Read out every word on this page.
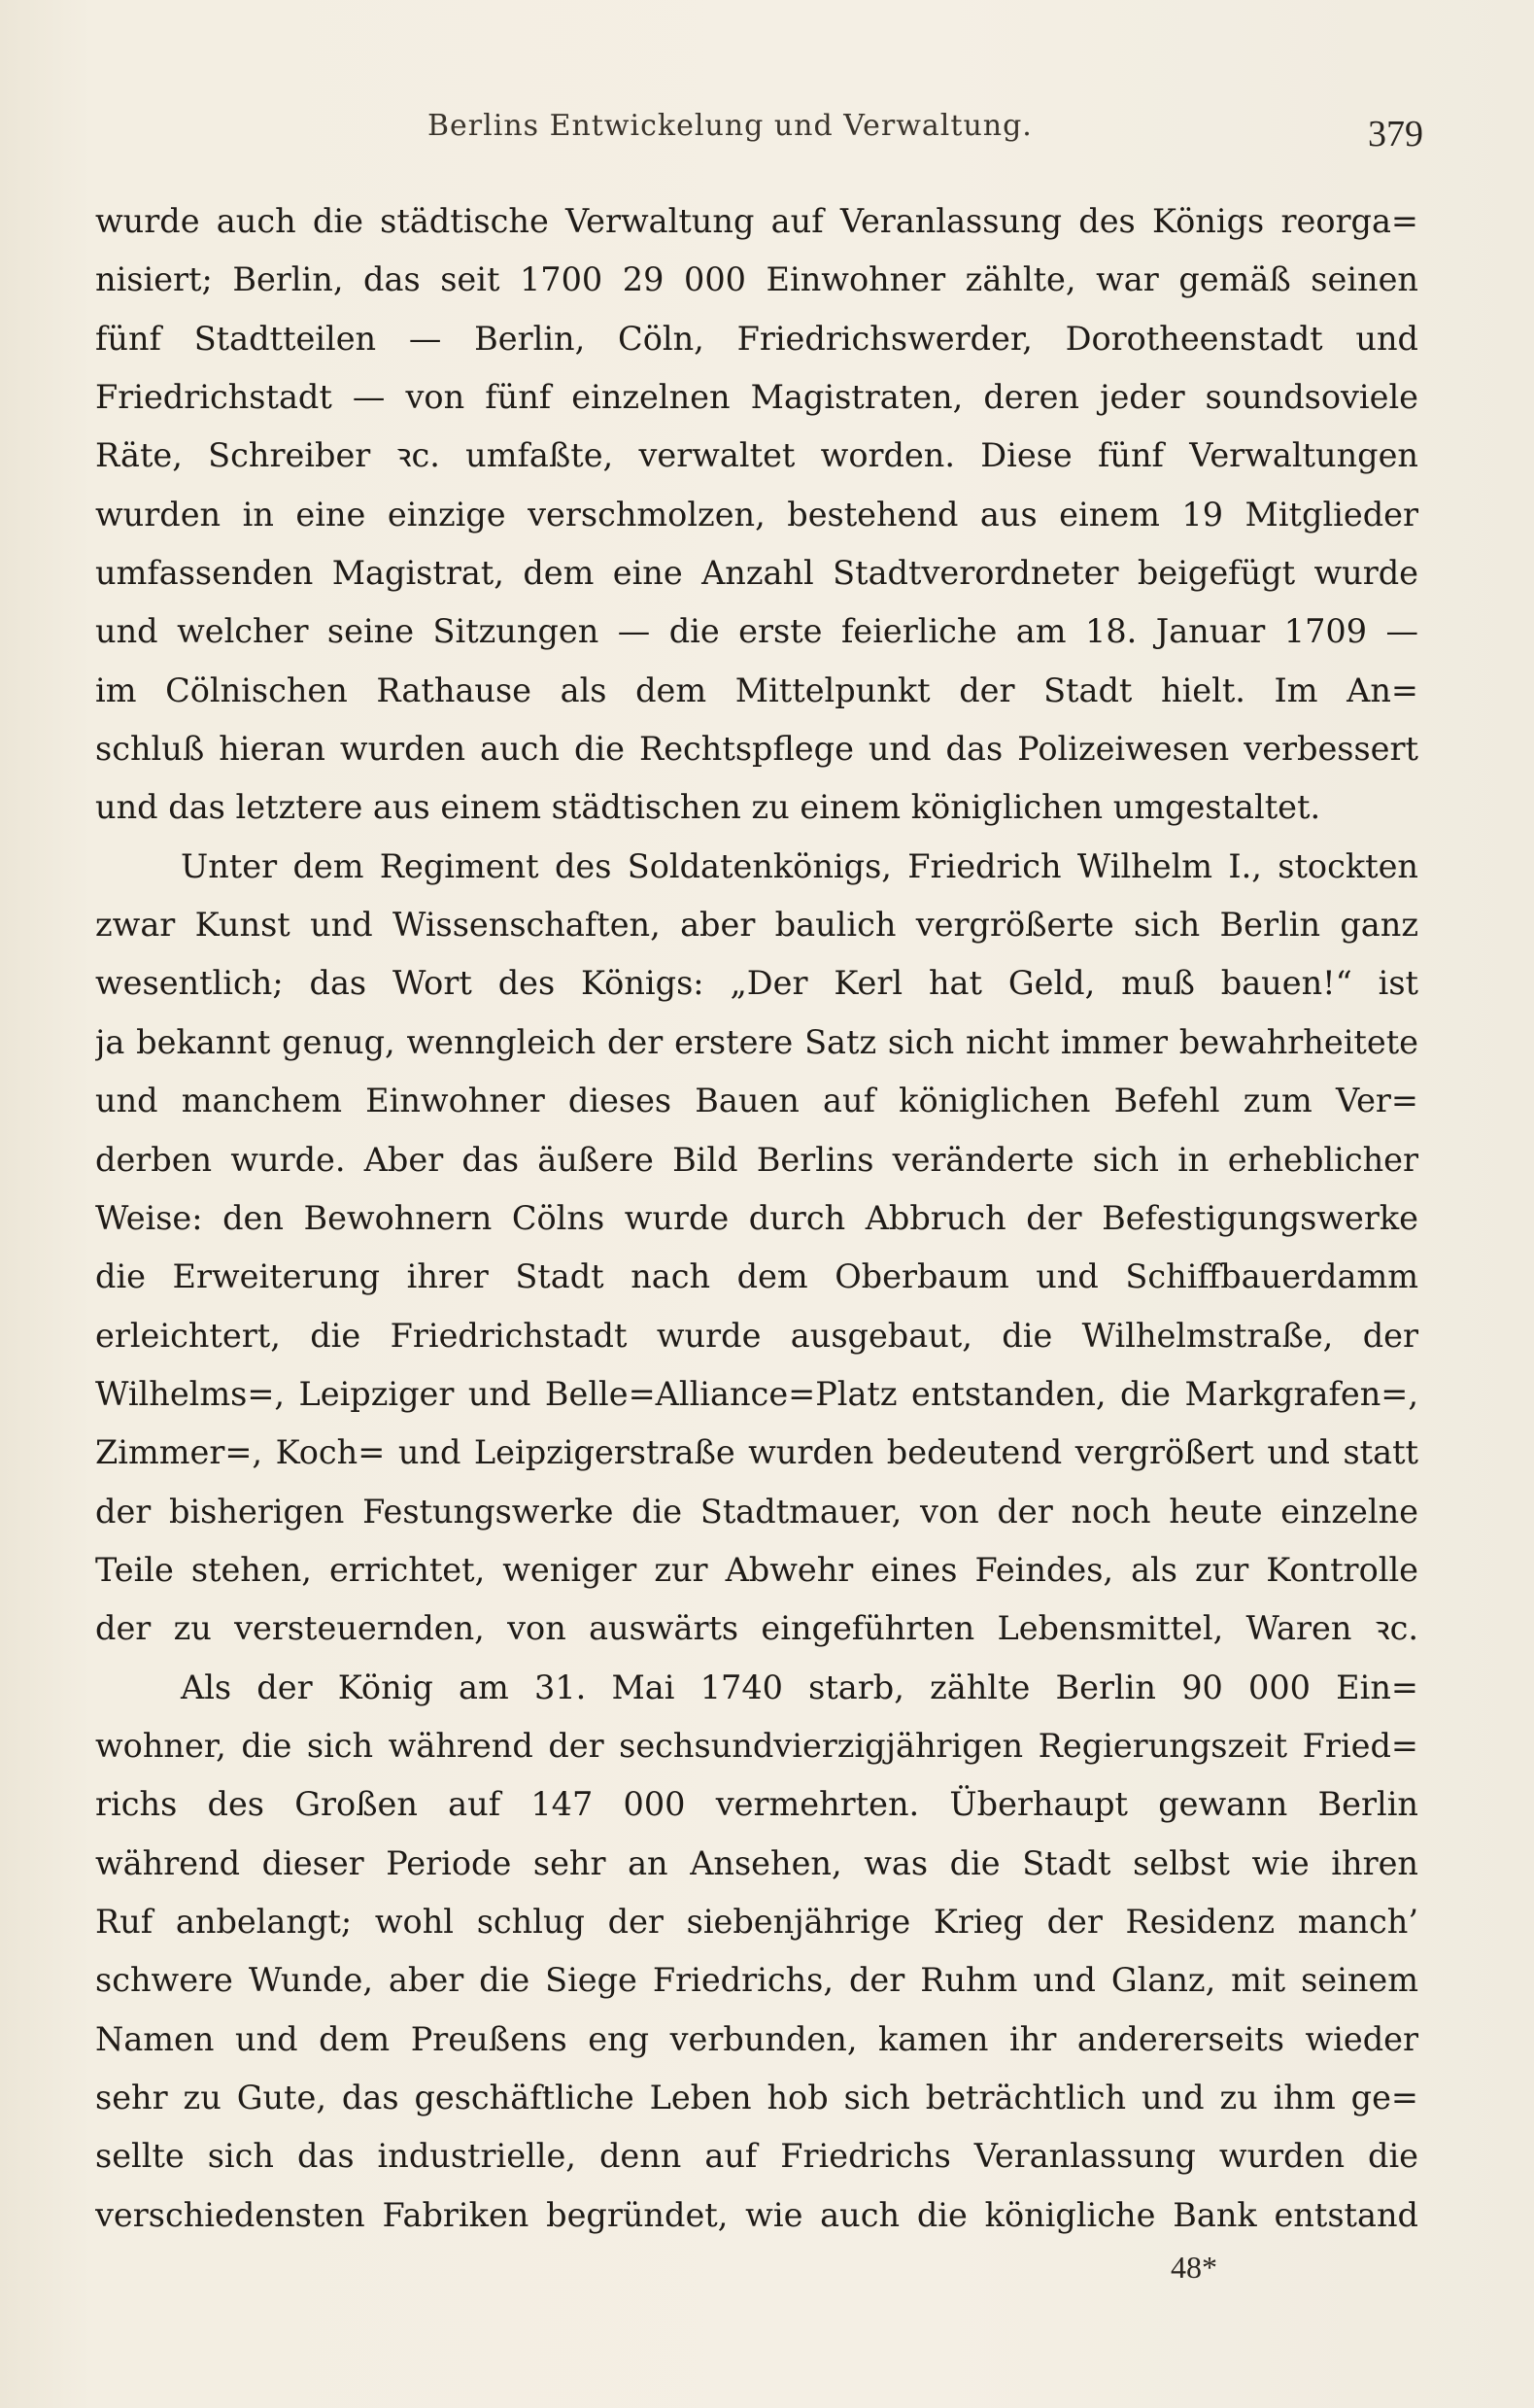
Berlins Entwickelung und Verwaltung.	379
wurde auch die städtische Verwaltung auf Veranlassung des Königs reorga=
nisiert; Berlin, das seit 1700 29 000 Einwohner zählte, war gemäß seinen
fünf Stadtteilen — Berlin, Cöln, Friedrichswerder, Dorotheenstadt und
Friedrichstadt — von fünf einzelnen Magistraten, deren jeder soundsoviele
Räte, Schreiber ꝛc. umfaßte, verwaltet worden. Diese fünf Verwaltungen
wurden in eine einzige verschmolzen, bestehend aus einem 19 Mitglieder
umfassenden Magistrat, dem eine Anzahl Stadtverordneter beigefügt wurde
und welcher seine Sitzungen — die erste feierliche am 18. Januar 1709 —
im Cölnischen Rathause als dem Mittelpunkt der Stadt hielt. Im An=
schluß hieran wurden auch die Rechtspflege und das Polizeiwesen verbessert
und das letztere aus einem städtischen zu einem königlichen umgestaltet.
Unter dem Regiment des Soldatenkönigs, Friedrich Wilhelm I., stockten
zwar Kunst und Wissenschaften, aber baulich vergrößerte sich Berlin ganz
wesentlich; das Wort des Königs: „Der Kerl hat Geld, muß bauen!“ ist
ja bekannt genug, wenngleich der erstere Satz sich nicht immer bewahrheitete
und manchem Einwohner dieses Bauen auf königlichen Befehl zum Ver=
derben wurde. Aber das äußere Bild Berlins veränderte sich in erheblicher
Weise: den Bewohnern Cölns wurde durch Abbruch der Befestigungswerke
die Erweiterung ihrer Stadt nach dem Oberbaum und Schiffbauerdamm
erleichtert, die Friedrichstadt wurde ausgebaut, die Wilhelmstraße, der
Wilhelms=, Leipziger und Belle=Alliance=Platz entstanden, die Markgrafen=,
Zimmer=, Koch= und Leipzigerstraße wurden bedeutend vergrößert und statt
der bisherigen Festungswerke die Stadtmauer, von der noch heute einzelne
Teile stehen, errichtet, weniger zur Abwehr eines Feindes, als zur Kontrolle
der zu versteuernden, von auswärts eingeführten Lebensmittel, Waren ꝛc.
Als der König am 31. Mai 1740 starb, zählte Berlin 90 000 Ein=
wohner, die sich während der sechsundvierzigjährigen Regierungszeit Fried=
richs des Großen auf 147 000 vermehrten. Überhaupt gewann Berlin
während dieser Periode sehr an Ansehen, was die Stadt selbst wie ihren
Ruf anbelangt; wohl schlug der siebenjährige Krieg der Residenz manch’
schwere Wunde, aber die Siege Friedrichs, der Ruhm und Glanz, mit seinem
Namen und dem Preußens eng verbunden, kamen ihr andererseits wieder
sehr zu Gute, das geschäftliche Leben hob sich beträchtlich und zu ihm ge=
sellte sich das industrielle, denn auf Friedrichs Veranlassung wurden die
verschiedensten Fabriken begründet, wie auch die königliche Bank entstand
48*
